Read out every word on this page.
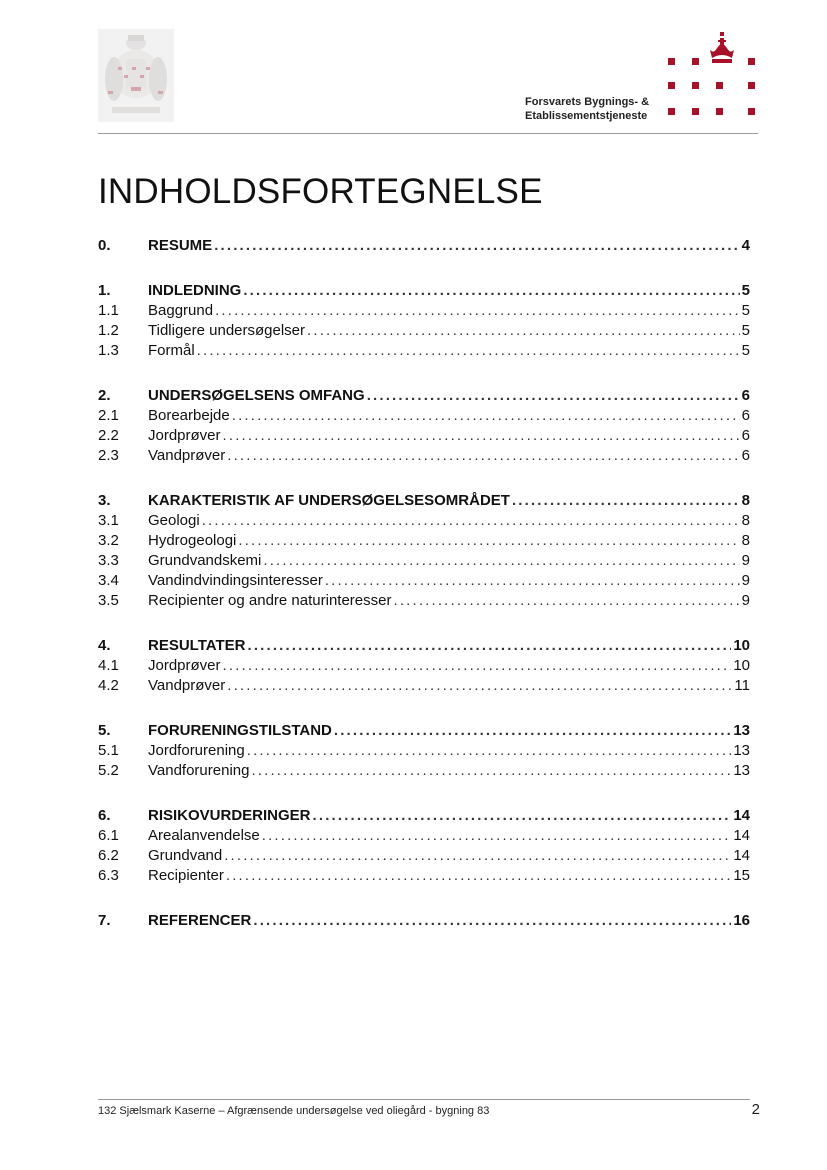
Forsvarets Bygnings- &
Etablissementstjeneste
INDHOLDSFORTEGNELSE
0.	RESUME . . .	4
1.	INDLEDNING . . .	5
1.1	Baggrund . . .	5
1.2	Tidligere undersøgelser . . .	5
1.3	Formål . . .	5
2.	UNDERSØGELSENS OMFANG . . .	6
2.1	Borearbejde . . .	6
2.2	Jordprøver . . .	6
2.3	Vandprøver . . .	6
3.	KARAKTERISTIK AF UNDERSØGELSESOMRÅDET . . .	8
3.1	Geologi . . .	8
3.2	Hydrogeologi . . .	8
3.3	Grundvandskemi . . .	9
3.4	Vandindvindingsinteresser . . .	9
3.5	Recipienter og andre naturinteresser . . .	9
4.	RESULTATER . . .	10
4.1	Jordprøver . . .	10
4.2	Vandprøver . . .	11
5.	FORURENINGSTILSTAND . . .	13
5.1	Jordforurening . . .	13
5.2	Vandforurening . . .	13
6.	RISIKOVURDERINGER . . .	14
6.1	Arealanvendelse . . .	14
6.2	Grundvand . . .	14
6.3	Recipienter . . .	15
7.	REFERENCER . . .	16
132 Sjælsmark Kaserne – Afgrænsende undersøgelse ved oliegård - bygning 83	2
